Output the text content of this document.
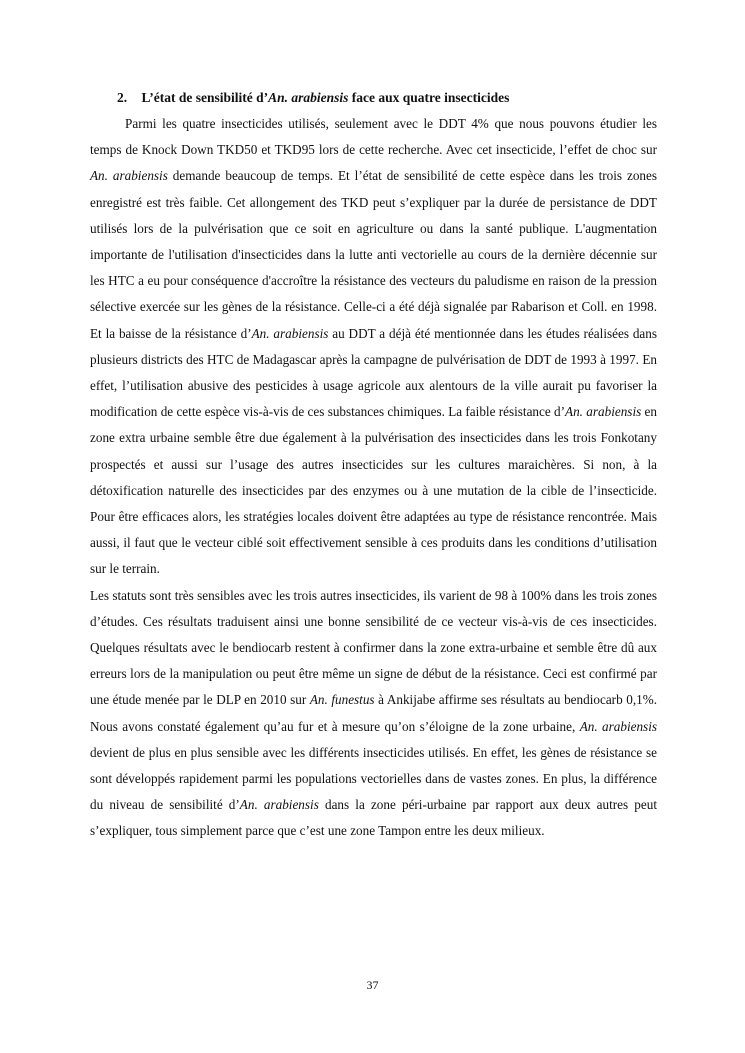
2. L’état de sensibilité d’An. arabiensis face aux quatre insecticides

Parmi les quatre insecticides utilisés, seulement avec le DDT 4% que nous pouvons étudier les temps de Knock Down TKD50 et TKD95 lors de cette recherche. Avec cet insecticide, l’effet de choc sur An. arabiensis demande beaucoup de temps. Et l’état de sensibilité de cette espèce dans les trois zones enregistré est très faible. Cet allongement des TKD peut s’expliquer par la durée de persistance de DDT utilisés lors de la pulvérisation que ce soit en agriculture ou dans la santé publique. L'augmentation importante de l'utilisation d'insecticides dans la lutte anti vectorielle au cours de la dernière décennie sur les HTC a eu pour conséquence d'accroître la résistance des vecteurs du paludisme en raison de la pression sélective exercée sur les gènes de la résistance. Celle-ci a été déjà signalée par Rabarison et Coll. en 1998. Et la baisse de la résistance d’An. arabiensis au DDT a déjà été mentionnée dans les études réalisées dans plusieurs districts des HTC de Madagascar après la campagne de pulvérisation de DDT de 1993 à 1997. En effet, l’utilisation abusive des pesticides à usage agricole aux alentours de la ville aurait pu favoriser la modification de cette espèce vis-à-vis de ces substances chimiques. La faible résistance d’An. arabiensis en zone extra urbaine semble être due également à la pulvérisation des insecticides dans les trois Fonkotany prospectés et aussi sur l’usage des autres insecticides sur les cultures maraichères. Si non, à la détoxification naturelle des insecticides par des enzymes ou à une mutation de la cible de l’insecticide. Pour être efficaces alors, les stratégies locales doivent être adaptées au type de résistance rencontrée. Mais aussi, il faut que le vecteur ciblé soit effectivement sensible à ces produits dans les conditions d’utilisation sur le terrain.

Les statuts sont très sensibles avec les trois autres insecticides, ils varient de 98 à 100% dans les trois zones d’études. Ces résultats traduisent ainsi une bonne sensibilité de ce vecteur vis-à-vis de ces insecticides. Quelques résultats avec le bendiocarb restent à confirmer dans la zone extra-urbaine et semble être dû aux erreurs lors de la manipulation ou peut être même un signe de début de la résistance. Ceci est confirmé par une étude menée par le DLP en 2010 sur An. funestus à Ankijabe affirme ses résultats au bendiocarb 0,1%. Nous avons constaté également qu’au fur et à mesure qu’on s’éloigne de la zone urbaine, An. arabiensis devient de plus en plus sensible avec les différents insecticides utilisés. En effet, les gènes de résistance se sont développés rapidement parmi les populations vectorielles dans de vastes zones. En plus, la différence du niveau de sensibilité d’An. arabiensis dans la zone péri-urbaine par rapport aux deux autres peut s’expliquer, tous simplement parce que c’est une zone Tampon entre les deux milieux.

37
